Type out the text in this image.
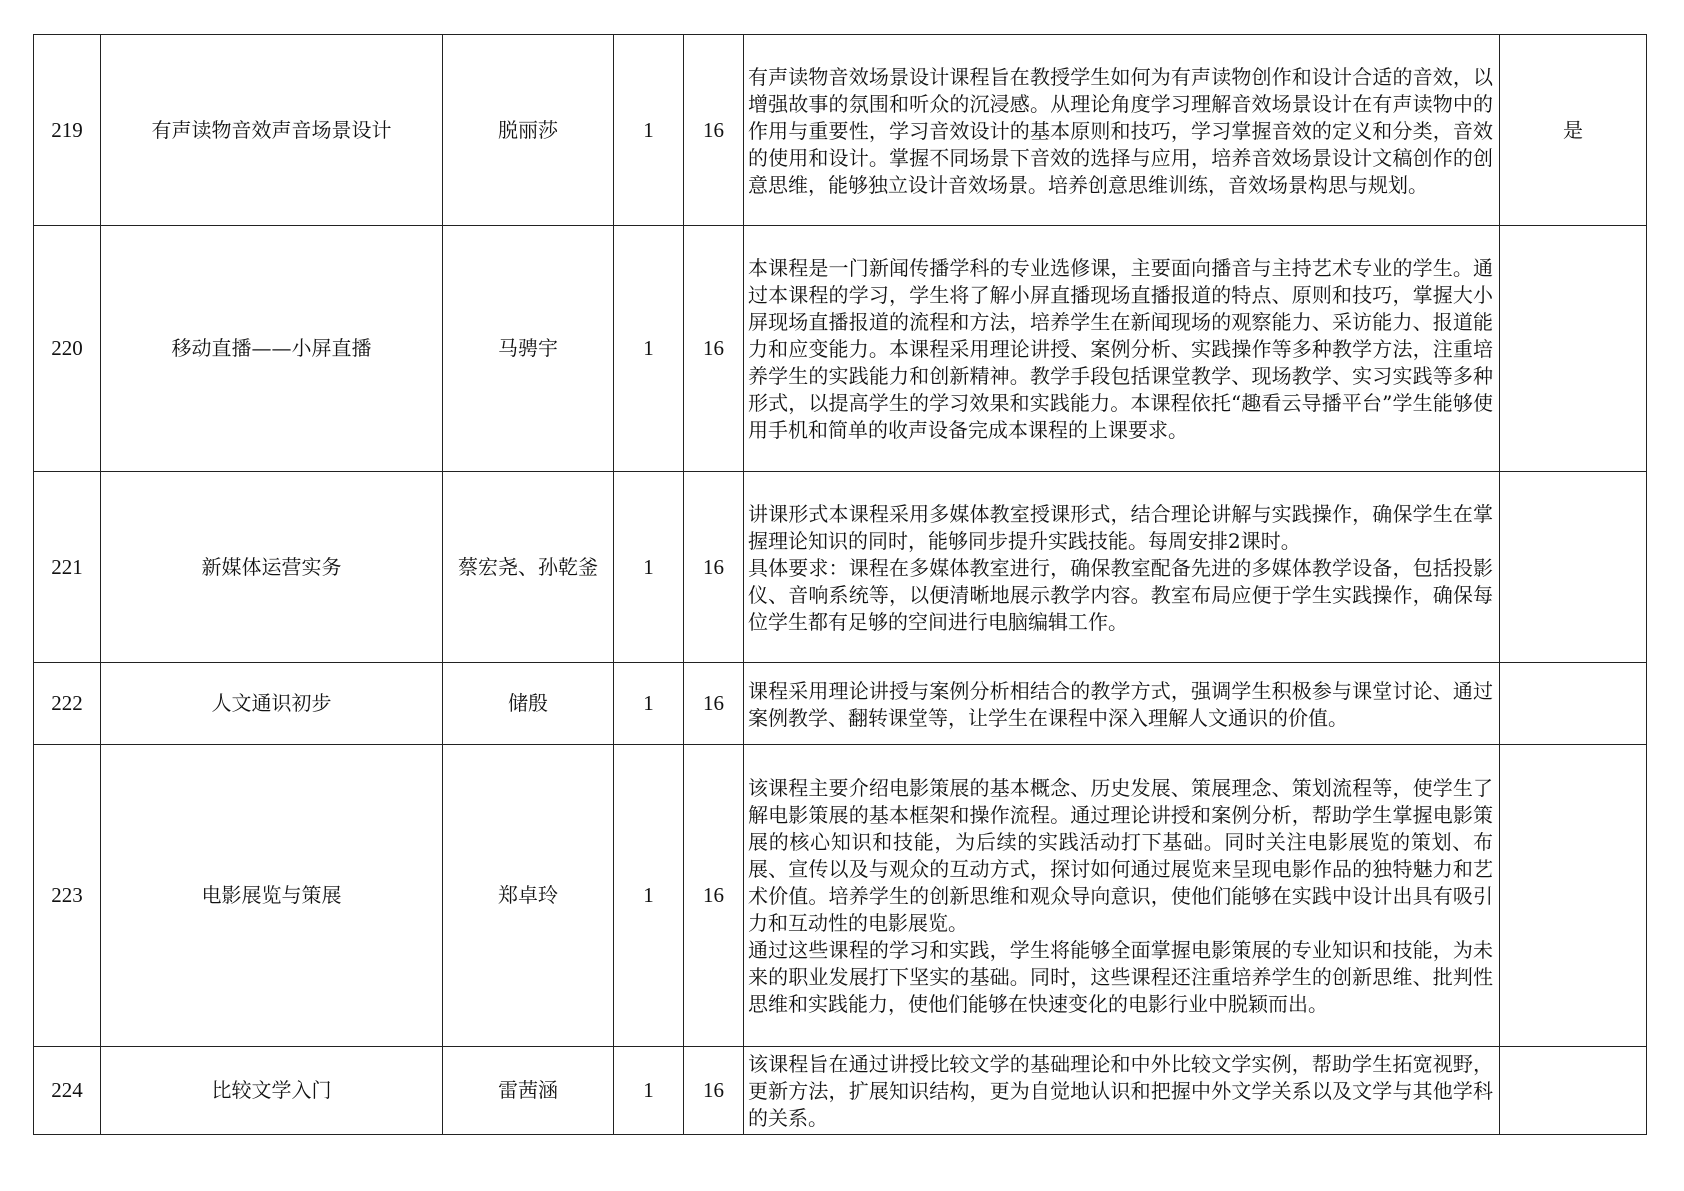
219	有声读物音效声音场景设计	脱丽莎	1	16	有声读物音效场景设计课程旨在教授学生如何为有声读物创作和设计合适的音效，以增强故事的氛围和听众的沉浸感。从理论角度学习理解音效场景设计在有声读物中的作用与重要性，学习音效设计的基本原则和技巧，学习掌握音效的定义和分类，音效的使用和设计。掌握不同场景下音效的选择与应用，培养音效场景设计文稿创作的创意思维，能够独立设计音效场景。培养创意思维训练，音效场景构思与规划。	是
220	移动直播——小屏直播	马骋宇	1	16	本课程是一门新闻传播学科的专业选修课，主要面向播音与主持艺术专业的学生。通过本课程的学习，学生将了解小屏直播现场直播报道的特点、原则和技巧，掌握大小屏现场直播报道的流程和方法，培养学生在新闻现场的观察能力、采访能力、报道能力和应变能力。本课程采用理论讲授、案例分析、实践操作等多种教学方法，注重培养学生的实践能力和创新精神。教学手段包括课堂教学、现场教学、实习实践等多种形式，以提高学生的学习效果和实践能力。本课程依托“趣看云导播平台”学生能够使用手机和简单的收声设备完成本课程的上课要求。	
221	新媒体运营实务	蔡宏尧、孙乾釜	1	16	讲课形式本课程采用多媒体教室授课形式，结合理论讲解与实践操作，确保学生在掌握理论知识的同时，能够同步提升实践技能。每周安排2课时。
具体要求：课程在多媒体教室进行，确保教室配备先进的多媒体教学设备，包括投影仪、音响系统等，以便清晰地展示教学内容。教室布局应便于学生实践操作，确保每位学生都有足够的空间进行电脑编辑工作。	
222	人文通识初步	储殷	1	16	课程采用理论讲授与案例分析相结合的教学方式，强调学生积极参与课堂讨论、通过案例教学、翻转课堂等，让学生在课程中深入理解人文通识的价值。	
223	电影展览与策展	郑卓玲	1	16	该课程主要介绍电影策展的基本概念、历史发展、策展理念、策划流程等，使学生了解电影策展的基本框架和操作流程。通过理论讲授和案例分析，帮助学生掌握电影策展的核心知识和技能，为后续的实践活动打下基础。同时关注电影展览的策划、布展、宣传以及与观众的互动方式，探讨如何通过展览来呈现电影作品的独特魅力和艺术价值。培养学生的创新思维和观众导向意识，使他们能够在实践中设计出具有吸引力和互动性的电影展览。
通过这些课程的学习和实践，学生将能够全面掌握电影策展的专业知识和技能，为未来的职业发展打下坚实的基础。同时，这些课程还注重培养学生的创新思维、批判性思维和实践能力，使他们能够在快速变化的电影行业中脱颖而出。	
224	比较文学入门	雷茜涵	1	16	该课程旨在通过讲授比较文学的基础理论和中外比较文学实例，帮助学生拓宽视野，更新方法，扩展知识结构，更为自觉地认识和把握中外文学关系以及文学与其他学科的关系。	
